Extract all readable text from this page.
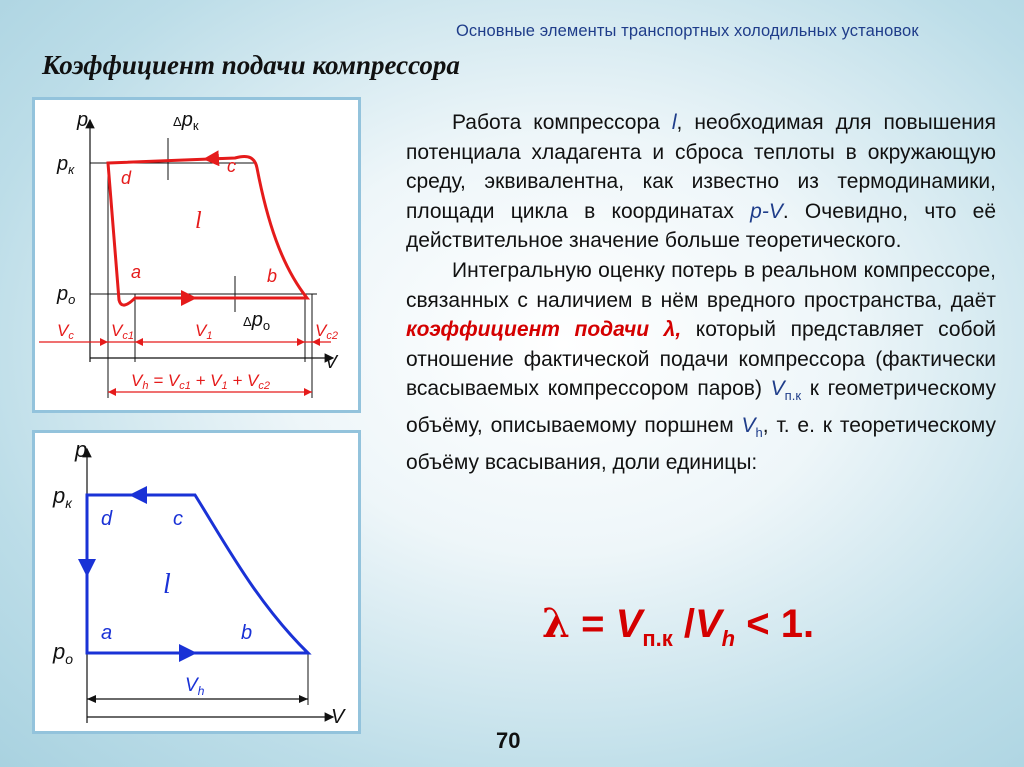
Основные элементы транспортных холодильных установок
Коэффициент подачи компрессора
p
$p_к$
$p_о$
Δpк
Δpо
d
c
a	b
l
V
Vc Vc1	V1	Vc2
Vh = Vc1 + V1 + Vc2
p
$p_к$
$p_о$
d	c
a	b
l
$V_h$
V

Работа компрессора l, необходимая для повышения потенциала хладагента и сброса теплоты в окружающую среду, эквивалентна, как известно из термодинамики, площади цикла в координатах p-V. Очевидно, что её действительное значение больше теоретического.

Интегральную оценку потерь в реальном компрессоре, связанных с наличием в нём вредного пространства, даёт коэффициент подачи λ, который представляет собой отношение фактической подачи компрессора (фактически всасываемых компрессором паров) $V_{п.к}$ к геометрическому объёму, описываемому поршнем $V_h$, т. е. к теоретическому объёму всасывания, доли единицы:

$\lambda = V_{п.к}$ $/V_h < 1$.
70
